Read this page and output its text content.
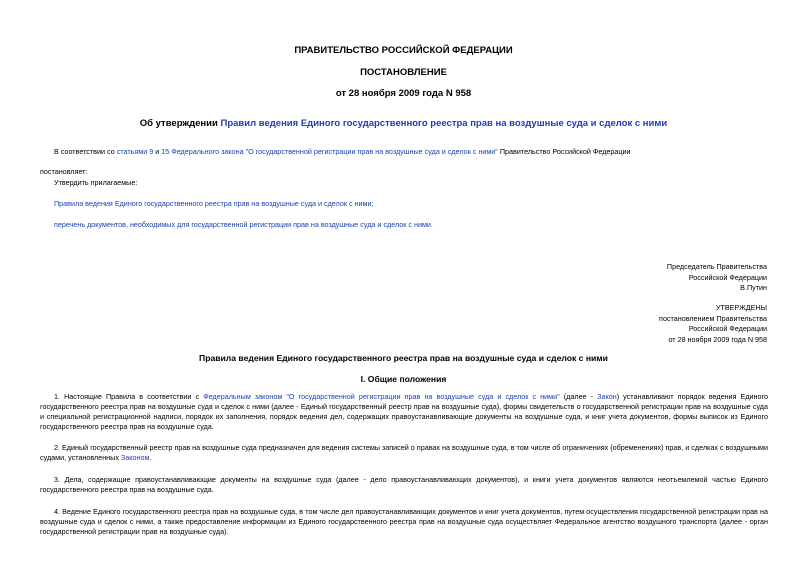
ПРАВИТЕЛЬСТВО РОССИЙСКОЙ ФЕДЕРАЦИИ
ПОСТАНОВЛЕНИЕ
от 28 ноября 2009 года N 958
Об утверждении Правил ведения Единого государственного реестра прав на воздушные суда и сделок с ними
В соответствии со статьями 9 и 15 Федерального закона "О государственной регистрации прав на воздушные суда и сделок с ними" Правительство Российской Федерации
постановляет:
Утвердить прилагаемые:
Правила ведения Единого государственного реестра прав на воздушные суда и сделок с ними;
перечень документов, необходимых для государственной регистрации прав на воздушные суда и сделок с ними.
Председатель Правительства
Российской Федерации
В.Путин
УТВЕРЖДЕНЫ
постановлением Правительства
Российской Федерации
от 28 ноября 2009 года N 958
Правила ведения Единого государственного реестра прав на воздушные суда и сделок с ними
I. Общие положения
1. Настоящие Правила в соответствии с Федеральным законом "О государственной регистрации прав на воздушные суда и сделок с ними" (далее - Закон) устанавливают порядок ведения Единого государственного реестра прав на воздушные суда и сделок с ними (далее - Единый государственный реестр прав на воздушные суда), формы свидетельств о государственной регистрации прав на воздушные суда и специальной регистрационной надписи, порядок их заполнения, порядок ведения дел, содержащих правоустанавливающие документы на воздушные суда, и книг учета документов, формы выписок из Единого государственного реестра прав на воздушные суда.
2. Единый государственный реестр прав на воздушные суда предназначен для ведения системы записей о правах на воздушные суда, в том числе об ограничениях (обременениях) прав, и сделках с воздушными судами, установленных Законом.
3. Дела, содержащие правоустанавливающие документы на воздушные суда (далее - дело правоустанавливающих документов), и книги учета документов являются неотъемлемой частью Единого государственного реестра прав на воздушные суда.
4. Ведение Единого государственного реестра прав на воздушные суда, в том числе дел правоустанавливающих документов и книг учета документов, путем осуществления государственной регистрации прав на воздушные суда и сделок с ними, а также предоставление информации из Единого государственного реестра прав на воздушные суда осуществляет Федеральное агентство воздушного транспорта (далее - орган государственной регистрации прав на воздушные суда).
